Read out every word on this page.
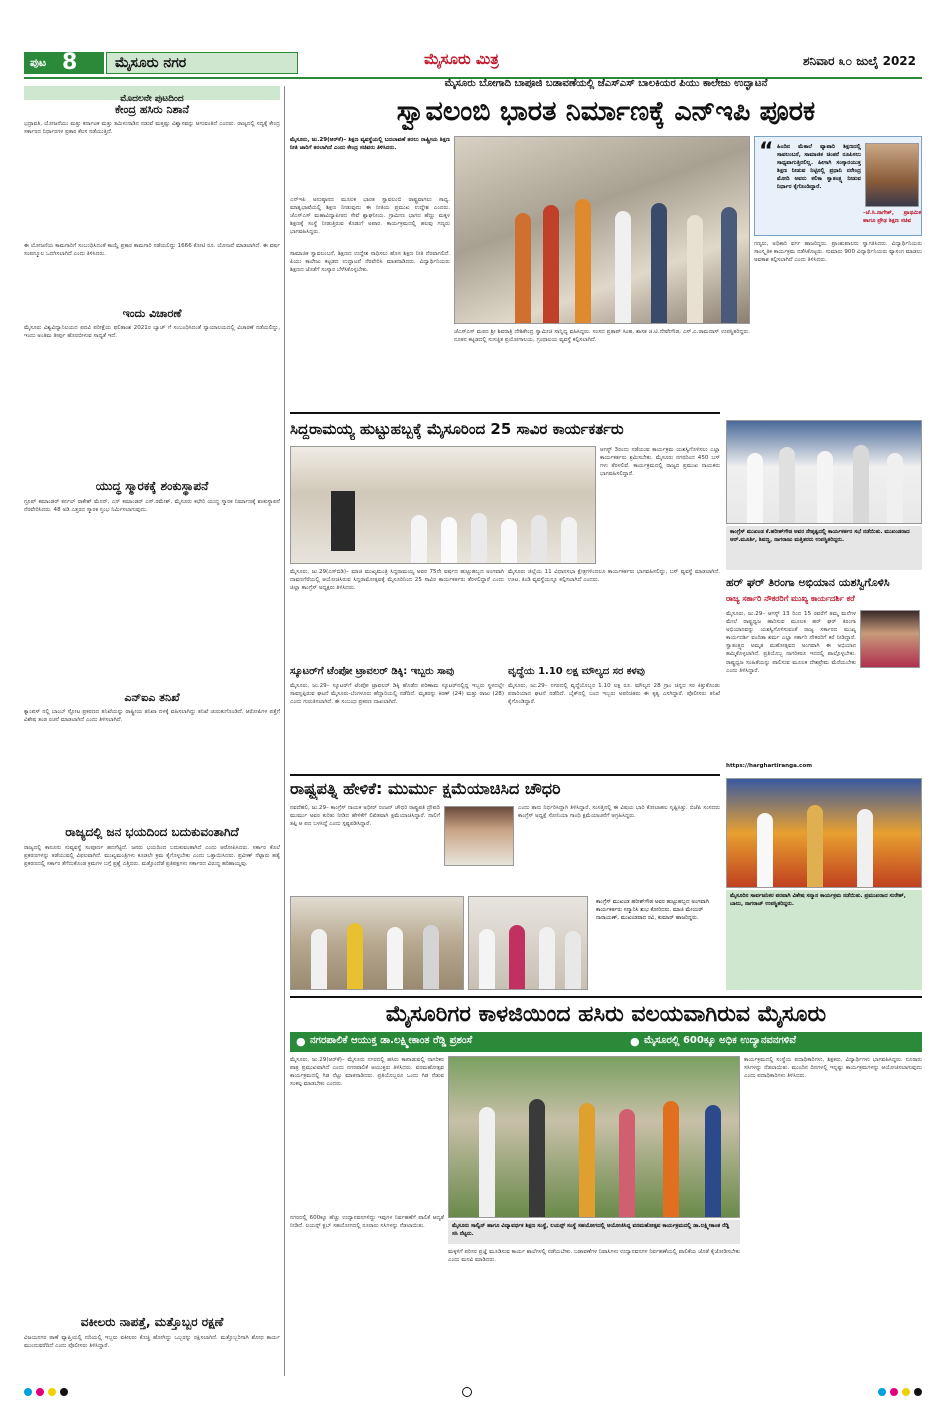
ಪುಟ 8	ಮೈಸೂರು ನಗರ	ಮೈಸೂರು ಮಿತ್ರ	ಶನಿವಾರ ೩೦ ಜುಲೈ 2022
ಮೊದಲನೇ ಪುಟದಿಂದ
ಕೇಂದ್ರ ಹಸಿರು ನಿಶಾನೆ
ಭದ್ರಾವತಿ, ಯೋಜನೆಯು ಮತ್ತು ಕರ್ನಾಟಕ ಮತ್ತು ತಮಿಳುನಾಡಿನ ನಡುವೆ ಮತ್ತಷ್ಟು ವಿಶ್ವಾಸವನ್ನು ಆಗುವಂತಿದೆ ಎಂದರು. ರಾಜ್ಯದಲ್ಲಿ ಸದ್ಯಕ್ಕೆ ಕೇಂದ್ರ ಸರ್ಕಾರದ ನಿರ್ಧಾರಗಳ ಪ್ರಕಾರ ಕೆಲಸ ನಡೆಯುತ್ತಿದೆ.
ಈ ಯೋಜನೆಯ ಕಾಮಗಾರಿಗೆ ಸಂಬಂಧಿಸಿದಂತೆ ಕಾಯ್ದೆ ಪ್ರಕಾರ ಕಾಮಗಾರಿ ನಡೆಯಲಿದ್ದು 1666 ಕೋಟಿ ರೂ. ಯೋಜನೆ ಮಾಡಲಾಗಿದೆ. ಈ ವರ್ಷ ಸಂಪನ್ಮೂಲ ಒದಗಿಸಲಾಗಿದೆ ಎಂದು ತಿಳಿಸಿದರು.
ಇಂದು ವಿಚಾರಣೆ
ಮೈಸೂರು ವಿಶ್ವವಿದ್ಯಾನಿಲಯದ ಪದವಿ ಪರೀಕ್ಷೆಯ ಫಲಿತಾಂಶ 2021ರ ಬ್ಯಾಚ್ ಗೆ ಸಂಬಂಧಿಸಿದಂತೆ ನ್ಯಾಯಾಲಯದಲ್ಲಿ ವಿಚಾರಣೆ ನಡೆಯಲಿದ್ದು, ಇಂದು ಅಂತಿಮ ತೀರ್ಪು ಹೊರಬೀಳುವ ಸಾಧ್ಯತೆ ಇದೆ.
ಯುದ್ಧ ಸ್ಮಾರಕಕ್ಕೆ ಶಂಕುಸ್ಥಾಪನೆ
ಗ್ರೂಪ್ ಕಮಾಂಡರ್ ಕರ್ನಲ್ ರಾಕೇಶ್ ಮೆನನ್, ಎನ್ ಕಮಾಂಡರ್ ಎಸ್.ರಮೇಶ್, ಮೈಸೂರು ಕಛೇರಿ ಯುದ್ಧ ಸ್ಮಾರಕ ನಿರ್ಮಾಣಕ್ಕೆ ಶಂಕುಸ್ಥಾಪನೆ ನೆರವೇರಿಸಿದರು. 48 ಅಡಿ ಎತ್ತರದ ಸ್ಮಾರಕ ಸ್ತಂಭ ನಿರ್ಮಿಸಲಾಗುವುದು.
ಎನ್ಐಎ ತನಿಖೆ
ಕ್ಯಾಂಪಸ್ ನಲ್ಲಿ ಬಾಂಬ್ ಸ್ಫೋಟ ಪ್ರಕರಣದ ತನಿಖೆಯನ್ನು ರಾಷ್ಟ್ರೀಯ ತನಿಖಾ ದಳಕ್ಕೆ ವಹಿಸಲಾಗಿದ್ದು ತನಿಖೆ ಚುರುಕುಗೊಂಡಿದೆ. ಆರೋಪಿಗಳ ಪತ್ತೆಗೆ ವಿಶೇಷ ತಂಡ ರಚನೆ ಮಾಡಲಾಗಿದೆ ಎಂದು ತಿಳಿಸಲಾಗಿದೆ.
ರಾಜ್ಯದಲ್ಲಿ ಜನ ಭಯದಿಂದ ಬದುಕುವಂತಾಗಿದೆ
ರಾಜ್ಯದಲ್ಲಿ ಕಾನೂನು ಸುವ್ಯವಸ್ಥೆ ಸಂಪೂರ್ಣ ಹದಗೆಟ್ಟಿದೆ. ಜನರು ಭಯದಿಂದ ಬದುಕುವಂತಾಗಿದೆ ಎಂದು ಆರೋಪಿಸಿದರು. ಸರ್ಕಾರ ಕೊಲೆ ಪ್ರಕರಣಗಳನ್ನು ತಡೆಯುವಲ್ಲಿ ವಿಫಲವಾಗಿದೆ. ಮುಖ್ಯಮಂತ್ರಿಗಳು ಕೂಡಲೇ ಕ್ರಮ ಕೈಗೊಳ್ಳಬೇಕು ಎಂದು ಒತ್ತಾಯಿಸಿದರು. ಪ್ರವೀಣ್ ನೆಟ್ಟಾರು ಹತ್ಯೆ ಪ್ರಕರಣದಲ್ಲಿ ಸರ್ಕಾರ ತೆಗೆದುಕೊಂಡ ಕ್ರಮಗಳ ಬಗ್ಗೆ ಪ್ರಶ್ನೆ ಎತ್ತಿದರು. ಮತ್ತೊಂದೆಡೆ ಪ್ರತಿಪಕ್ಷಗಳು ಸರ್ಕಾರದ ವಿರುದ್ಧ ಹರಿಹಾಯ್ದವು.
ವಕೀಲರು ನಾಪತ್ತೆ, ಮತ್ತೊಬ್ಬರ ರಕ್ಷಣೆ
ವಿಜಯನಗರ ಠಾಣೆ ವ್ಯಾಪ್ತಿಯಲ್ಲಿ ನದಿಯಲ್ಲಿ ಇಬ್ಬರು ವಕೀಲರು ಕೊಚ್ಚಿ ಹೋಗಿದ್ದು ಒಬ್ಬರನ್ನು ರಕ್ಷಿಸಲಾಗಿದೆ. ಮತ್ತೊಬ್ಬರಿಗಾಗಿ ಶೋಧ ಕಾರ್ಯ ಮುಂದುವರೆದಿದೆ ಎಂದು ಪೊಲೀಸರು ತಿಳಿಸಿದ್ದಾರೆ.
ಮೈಸೂರು ಬೋಗಾದಿ ಬಾಪೂಜಿ ಬಡಾವಣೆಯಲ್ಲಿ ಜೆಎಸ್ಎಸ್ ಬಾಲಕಿಯರ ಪಿಯು ಕಾಲೇಜು ಉದ್ಘಾಟನೆ
ಸ್ವಾವಲಂಬಿ ಭಾರತ ನಿರ್ಮಾಣಕ್ಕೆ ಎನ್‌ಇಪಿ ಪೂರಕ
ಮೈಸೂರು, ಜು.29(ಆರ್‌ಕೆ)– ಶಿಕ್ಷಣ ವ್ಯವಸ್ಥೆಯಲ್ಲಿ ಬದಲಾವಣೆ ತರಲು ರಾಷ್ಟ್ರೀಯ ಶಿಕ್ಷಣ ನೀತಿ ಜಾರಿಗೆ ತರಲಾಗಿದೆ ಎಂದು ಕೇಂದ್ರ ಸಚಿವರು ತಿಳಿಸಿದರು.
ಎನ್‌ಇಪಿ ಅನುಷ್ಠಾನದ ಮೂಲಕ ಭಾರತ ಸ್ವಾವಲಂಬಿ ರಾಷ್ಟ್ರವಾಗಲು ಸಾಧ್ಯ. ಮಾತೃಭಾಷೆಯಲ್ಲಿ ಶಿಕ್ಷಣ ನೀಡುವುದು ಈ ನೀತಿಯ ಪ್ರಮುಖ ಉದ್ದೇಶ ಎಂದರು. ಜೆಎಸ್‌ಎಸ್ ಮಹಾವಿದ್ಯಾಪೀಠದ ಸೇವೆ ಶ್ಲಾಘನೀಯ. ಗ್ರಾಮೀಣ ಭಾಗದ ಹೆಣ್ಣು ಮಕ್ಕಳ ಶಿಕ್ಷಣಕ್ಕೆ ಸಂಸ್ಥೆ ನೀಡುತ್ತಿರುವ ಕೊಡುಗೆ ಅಪಾರ. ಕಾರ್ಯಕ್ರಮದಲ್ಲಿ ಹಲವು ಗಣ್ಯರು ಭಾಗವಹಿಸಿದ್ದರು.
“ ಹಿಂದಿನ ಮೆಕಾಲೆ ವ್ಯಾಪಾರಿ ಶಿಕ್ಷಣದಲ್ಲಿ ಸಾವಲಂಬನೆ, ಸಾಮಾಜಿಕ ಚಿಂತನೆ ರೂಪಿಸಲು ಸಾಧ್ಯವಾಗುತ್ತಿರಲಿಲ್ಲ. ಹೀಗಾಗಿ ಸಂಸ್ಕಾರಯುಕ್ತ ಶಿಕ್ಷಣ ನೀಡುವ ನಿಟ್ಟಿನಲ್ಲಿ ಪ್ರಧಾನಿ ನರೇಂದ್ರ ಮೋದಿ ಅವರು ಕಲಿಕಾ ಸ್ವಾತಂತ್ರ್ಯ ನೀಡುವ ನಿರ್ಧಾರ ಕೈಗೊಂಡಿದ್ದಾರೆ.
–ಜೆ.ಸಿ.ನಾಗೇಶ್, ಪ್ರಾಥಮಿಕ ಹಾಗೂ ಪ್ರೌಢ ಶಿಕ್ಷಣ ಸಚಿವ
ಸಾಮಾಜಿಕ ಸ್ವಾವಲಂಬನೆ, ಶಿಕ್ಷಣದ ಉದ್ದೇಶ ಸಾಧಿಸಲು ಹೊಸ ಶಿಕ್ಷಣ ನೀತಿ ನೆರವಾಗಲಿದೆ. ಪಿಯು ಕಾಲೇಜು ಕಟ್ಟಡದ ಉದ್ಘಾಟನೆ ನೆರವೇರಿಸಿ ಮಾತನಾಡಿದರು. ವಿದ್ಯಾರ್ಥಿನಿಯರು ಶಿಕ್ಷಣದ ಜೊತೆಗೆ ಸಂಸ್ಕಾರ ಬೆಳೆಸಿಕೊಳ್ಳಬೇಕು.
ಜೆಎಸ್‌ಎಸ್ ಮಠದ ಶ್ರೀ ಶಿವರಾತ್ರಿ ದೇಶಿಕೇಂದ್ರ ಸ್ವಾಮೀಜಿ ಸಾನ್ನಿಧ್ಯ ವಹಿಸಿದ್ದರು. ಸಂಸದ ಪ್ರತಾಪ್ ಸಿಂಹ, ಶಾಸಕ ಜಿ.ಟಿ.ದೇವೇಗೌಡ, ಎಸ್.ಎ.ರಾಮದಾಸ್ ಉಪಸ್ಥಿತರಿದ್ದರು. ನೂತನ ಕಟ್ಟಡದಲ್ಲಿ ಸುಸಜ್ಜಿತ ಪ್ರಯೋಗಾಲಯ, ಗ್ರಂಥಾಲಯ ವ್ಯವಸ್ಥೆ ಕಲ್ಪಿಸಲಾಗಿದೆ.
ಗಣ್ಯರು, ಅಧಿಕಾರಿ ವರ್ಗ ಹಾಜರಿದ್ದರು. ಪ್ರಾಂಶುಪಾಲರು ಸ್ವಾಗತಿಸಿದರು. ವಿದ್ಯಾರ್ಥಿನಿಯರು ಸಾಂಸ್ಕೃತಿಕ ಕಾರ್ಯಕ್ರಮ ನಡೆಸಿಕೊಟ್ಟರು. ಸುಮಾರು 900 ವಿದ್ಯಾರ್ಥಿನಿಯರು ವ್ಯಾಸಂಗ ಮಾಡಲು ಅವಕಾಶ ಕಲ್ಪಿಸಲಾಗಿದೆ ಎಂದು ತಿಳಿಸಿದರು.
ಸಿದ್ದರಾಮಯ್ಯ ಹುಟ್ಟುಹಬ್ಬಕ್ಕೆ ಮೈಸೂರಿಂದ 25 ಸಾವಿರ ಕಾರ್ಯಕರ್ತರು
ಆಗಸ್ಟ್ 3ರಂದು ನಡೆಯುವ ಕಾರ್ಯಕ್ರಮ ಯಶಸ್ವಿಗೊಳಿಸಲು ಎಲ್ಲಾ ಕಾರ್ಯಕರ್ತರು ಶ್ರಮಿಸಬೇಕು. ಮೈಸೂರು ನಗರದಿಂದ 450 ಬಸ್ ಗಳು ತೆರಳಲಿವೆ. ಕಾರ್ಯಕ್ರಮದಲ್ಲಿ ರಾಜ್ಯದ ಪ್ರಮುಖ ನಾಯಕರು ಭಾಗವಹಿಸಲಿದ್ದಾರೆ.
ಮೈಸೂರು, ಜು.29(ಎಸ್‌ಬಿಡಿ)– ಮಾಜಿ ಮುಖ್ಯಮಂತ್ರಿ ಸಿದ್ದರಾಮಯ್ಯ ಅವರ 75ನೇ ವರ್ಷದ ಹುಟ್ಟುಹಬ್ಬದ ಅಂಗವಾಗಿ ದಾವಣಗೆರೆಯಲ್ಲಿ ಆಯೋಜಿಸಿರುವ ಸಿದ್ದರಾಮೋತ್ಸವಕ್ಕೆ ಮೈಸೂರಿನಿಂದ 25 ಸಾವಿರ ಕಾರ್ಯಕರ್ತರು ತೆರಳಲಿದ್ದಾರೆ ಎಂದು ಜಿಲ್ಲಾ ಕಾಂಗ್ರೆಸ್ ಅಧ್ಯಕ್ಷರು ತಿಳಿಸಿದರು.
ಮೈಸೂರು ಜಿಲ್ಲೆಯ 11 ವಿಧಾನಸಭಾ ಕ್ಷೇತ್ರಗಳಿಂದಲೂ ಕಾರ್ಯಕರ್ತರು ಭಾಗವಹಿಸಲಿದ್ದು, ಬಸ್ ವ್ಯವಸ್ಥೆ ಮಾಡಲಾಗಿದೆ. ಊಟ, ತಿಂಡಿ ವ್ಯವಸ್ಥೆಯನ್ನೂ ಕಲ್ಪಿಸಲಾಗಿದೆ ಎಂದರು.
ಕಾಂಗ್ರೆಸ್ ಮುಖಂಡ ಕೆ.ಹರೀಶ್‌ಗೌಡ ಅವರ ನೇತೃತ್ವದಲ್ಲಿ ಕಾರ್ಯಕರ್ತರ ಸಭೆ ನಡೆಯಿತು. ಮುಖಂಡರಾದ ಆರ್.ಮೂರ್ತಿ, ಶಿವಣ್ಣ, ನಾಗರಾಜು ಮತ್ತಿತರರು ಉಪಸ್ಥಿತರಿದ್ದರು.
ಹರ್ ಘರ್ ತಿರಂಗಾ ಅಭಿಯಾನ ಯಶಸ್ವಿಗೊಳಿಸಿ
ರಾಜ್ಯ ಸರ್ಕಾರಿ ನೌಕರರಿಗೆ ಮುಖ್ಯ ಕಾರ್ಯದರ್ಶಿ ಕರೆ
ಮೈಸೂರು, ಜು.29– ಆಗಸ್ಟ್ 13 ರಿಂದ 15 ರವರೆಗೆ ತಮ್ಮ ಮನೆಗಳ ಮೇಲೆ ರಾಷ್ಟ್ರಧ್ವಜ ಹಾರಿಸುವ ಮೂಲಕ ಹರ್ ಘರ್ ತಿರಂಗಾ ಅಭಿಯಾನವನ್ನು ಯಶಸ್ವಿಗೊಳಿಸುವಂತೆ ರಾಜ್ಯ ಸರ್ಕಾರದ ಮುಖ್ಯ ಕಾರ್ಯದರ್ಶಿ ವಂದಿತಾ ಶರ್ಮ ಎಲ್ಲಾ ಸರ್ಕಾರಿ ನೌಕರರಿಗೆ ಕರೆ ನೀಡಿದ್ದಾರೆ. ಸ್ವಾತಂತ್ರ್ಯದ ಅಮೃತ ಮಹೋತ್ಸವದ ಅಂಗವಾಗಿ ಈ ಅಭಿಯಾನ ಹಮ್ಮಿಕೊಳ್ಳಲಾಗಿದೆ. ಪ್ರತಿಯೊಬ್ಬ ನಾಗರಿಕರೂ ಇದರಲ್ಲಿ ಪಾಲ್ಗೊಳ್ಳಬೇಕು. ರಾಷ್ಟ್ರಧ್ವಜ ಸಂಹಿತೆಯನ್ನು ಪಾಲಿಸುವ ಮೂಲಕ ದೇಶಪ್ರೇಮ ಮೆರೆಯಬೇಕು ಎಂದು ತಿಳಿಸಿದ್ದಾರೆ.
https://harghartiranga.com
ಸ್ಕೂಟರ್‌ಗೆ ಟೆಂಪೋ ಟ್ರಾವಲರ್ ಡಿಕ್ಕಿ: ಇಬ್ಬರು ಸಾವು
ಮೈಸೂರು, ಜು.29– ಸ್ಕೂಟರ್‌ಗೆ ಟೆಂಪೋ ಟ್ರಾವಲರ್ ಡಿಕ್ಕಿ ಹೊಡೆದ ಪರಿಣಾಮ ಸ್ಕೂಟರ್‌ನಲ್ಲಿದ್ದ ಇಬ್ಬರು ಸ್ಥಳದಲ್ಲೇ ಸಾವನ್ನಪ್ಪಿರುವ ಘಟನೆ ಮೈಸೂರು-ಬೆಂಗಳೂರು ಹೆದ್ದಾರಿಯಲ್ಲಿ ನಡೆದಿದೆ. ಮೃತರನ್ನು ಕಿರಣ್ (24) ಮತ್ತು ರಾಜು (28) ಎಂದು ಗುರುತಿಸಲಾಗಿದೆ. ಈ ಸಂಬಂಧ ಪ್ರಕರಣ ದಾಖಲಾಗಿದೆ.
ವೃದ್ಧೆಯ 1.10 ಲಕ್ಷ ಮೌಲ್ಯದ ಸರ ಕಳವು
ಮೈಸೂರು, ಜು.29– ನಗರದಲ್ಲಿ ವೃದ್ಧೆಯೊಬ್ಬರ 1.10 ಲಕ್ಷ ರೂ. ಮೌಲ್ಯದ 28 ಗ್ರಾಂ ಚಿನ್ನದ ಸರ ಕಿತ್ತುಕೊಂಡು ಪರಾರಿಯಾದ ಘಟನೆ ನಡೆದಿದೆ. ಬೈಕ್‌ನಲ್ಲಿ ಬಂದ ಇಬ್ಬರು ಅಪರಿಚಿತರು ಈ ಕೃತ್ಯ ಎಸಗಿದ್ದಾರೆ. ಪೊಲೀಸರು ತನಿಖೆ ಕೈಗೊಂಡಿದ್ದಾರೆ.
ರಾಷ್ಟ್ರಪತ್ನಿ ಹೇಳಿಕೆ: ಮುರ್ಮು ಕ್ಷಮೆಯಾಚಿಸಿದ ಚೌಧರಿ
ನವದೆಹಲಿ, ಜು.29– ಕಾಂಗ್ರೆಸ್ ನಾಯಕ ಅಧೀರ್ ರಂಜನ್ ಚೌಧರಿ ರಾಷ್ಟ್ರಪತಿ ದ್ರೌಪದಿ ಮುರ್ಮು ಅವರ ಕುರಿತು ನೀಡಿದ ಹೇಳಿಕೆಗೆ ಲಿಖಿತವಾಗಿ ಕ್ಷಮೆಯಾಚಿಸಿದ್ದಾರೆ. ನಾಲಿಗೆ ತಪ್ಪಿ ಆ ಪದ ಬಳಸಿದ್ದೆ ಎಂದು ಸ್ಪಷ್ಟಪಡಿಸಿದ್ದಾರೆ.
ಎಂದು ತಾನು ನಿರ್ಧರಿಸಿದ್ದಾಗಿ ತಿಳಿಸಿದ್ದಾರೆ. ಸಂಸತ್ತಿನಲ್ಲಿ ಈ ವಿಷಯ ಭಾರಿ ಕೋಲಾಹಲ ಸೃಷ್ಟಿಸಿತ್ತು. ಬಿಜೆಪಿ ಸಂಸದರು ಕಾಂಗ್ರೆಸ್ ಅಧ್ಯಕ್ಷೆ ಸೋನಿಯಾ ಗಾಂಧಿ ಕ್ಷಮೆಯಾಚನೆಗೆ ಆಗ್ರಹಿಸಿದ್ದರು.
ಕಾಂಗ್ರೆಸ್ ಮುಖಂಡ ಹರೀಶ್‌ಗೌಡ ಅವರ ಹುಟ್ಟುಹಬ್ಬದ ಅಂಗವಾಗಿ ಕಾರ್ಯಕರ್ತರು ಸನ್ಮಾನಿಸಿ ಶುಭ ಕೋರಿದರು. ಮಾಜಿ ಮೇಯರ್ ನಾರಾಯಣ್, ಮುಖಂಡರಾದ ರವಿ, ಕುಮಾರ್ ಹಾಜರಿದ್ದರು.
ಮೈಸೂರಿನ ಸಾರ್ವಜನಿಕರ ಪರವಾಗಿ ವಿಶೇಷ ಸನ್ಮಾನ ಕಾರ್ಯಕ್ರಮ ನಡೆಯಿತು. ಪ್ರಮುಖರಾದ ಸುರೇಶ್, ಬಾಲು, ನಾಗರಾಜ್ ಉಪಸ್ಥಿತರಿದ್ದರು.
ಮೈಸೂರಿಗರ ಕಾಳಜಿಯಿಂದ ಹಸಿರು ವಲಯವಾಗಿರುವ ಮೈಸೂರು
● ನಗರಪಾಲಿಕೆ ಆಯುಕ್ತ ಡಾ.ಲಕ್ಷ್ಮೀಕಾಂತ ರೆಡ್ಡಿ ಪ್ರಶಂಸೆ	● ಮೈಸೂರಲ್ಲಿ 600ಕ್ಕೂ ಅಧಿಕ ಉದ್ಯಾನವನಗಳಿವೆ
ಮೈಸೂರು, ಜು.29(ಆರ್‌ಕೆ)– ಮೈಸೂರು ನಗರದಲ್ಲಿ ಹಸಿರು ಕಾಪಾಡುವಲ್ಲಿ ನಾಗರಿಕರ ಪಾತ್ರ ಪ್ರಮುಖವಾಗಿದೆ ಎಂದು ನಗರಪಾಲಿಕೆ ಆಯುಕ್ತರು ತಿಳಿಸಿದರು. ವನಮಹೋತ್ಸವ ಕಾರ್ಯಕ್ರಮದಲ್ಲಿ ಗಿಡ ನೆಟ್ಟು ಮಾತನಾಡಿದರು. ಪ್ರತಿಯೊಬ್ಬರೂ ಒಂದು ಗಿಡ ನೆಡುವ ಸಂಕಲ್ಪ ಮಾಡಬೇಕು ಎಂದರು.
ಕಾರ್ಯಕ್ರಮದಲ್ಲಿ ಸಂಸ್ಥೆಯ ಪದಾಧಿಕಾರಿಗಳು, ಶಿಕ್ಷಕರು, ವಿದ್ಯಾರ್ಥಿಗಳು ಭಾಗವಹಿಸಿದ್ದರು. ನೂರಾರು ಸಸಿಗಳನ್ನು ನೆಡಲಾಯಿತು. ಮುಂದಿನ ದಿನಗಳಲ್ಲಿ ಇನ್ನಷ್ಟು ಕಾರ್ಯಕ್ರಮಗಳನ್ನು ಆಯೋಜಿಸಲಾಗುವುದು ಎಂದು ಪದಾಧಿಕಾರಿಗಳು ತಿಳಿಸಿದರು.
ಮೈಸೂರು ಸಾಲ್ವಿನ್ ಹಾಗೂ ವಿದ್ಯಾವರ್ಧಕ ಶಿಕ್ಷಣ ಸಂಸ್ಥೆ, ಲಯನ್ಸ್ ಸಂಸ್ಥೆ ಸಹಯೋಗದಲ್ಲಿ ಆಯೋಜಿಸಿದ್ದ ವನಮಹೋತ್ಸವ ಕಾರ್ಯಕ್ರಮದಲ್ಲಿ ಡಾ.ಲಕ್ಷ್ಮೀಕಾಂತ ರೆಡ್ಡಿ ಸಸಿ ನೆಟ್ಟರು.
ನಗರದಲ್ಲಿ 600ಕ್ಕೂ ಹೆಚ್ಚು ಉದ್ಯಾನವನಗಳಿದ್ದು ಇವುಗಳ ನಿರ್ವಹಣೆಗೆ ಪಾಲಿಕೆ ಆದ್ಯತೆ ನೀಡಿದೆ. ಲಯನ್ಸ್ ಕ್ಲಬ್ ಸಹಯೋಗದಲ್ಲಿ ನೂರಾರು ಸಸಿಗಳನ್ನು ನೆಡಲಾಯಿತು.
ಮಕ್ಕಳಿಗೆ ಪರಿಸರ ಪ್ರಜ್ಞೆ ಮೂಡಿಸುವ ಕಾರ್ಯ ಶಾಲೆಗಳಲ್ಲಿ ನಡೆಯಬೇಕು. ಬಡಾವಣೆಗಳ ನಿವಾಸಿಗಳು ಉದ್ಯಾನವನಗಳ ನಿರ್ವಹಣೆಯಲ್ಲಿ ಪಾಲಿಕೆಯ ಜೊತೆ ಕೈಜೋಡಿಸಬೇಕು ಎಂದು ಮನವಿ ಮಾಡಿದರು.
